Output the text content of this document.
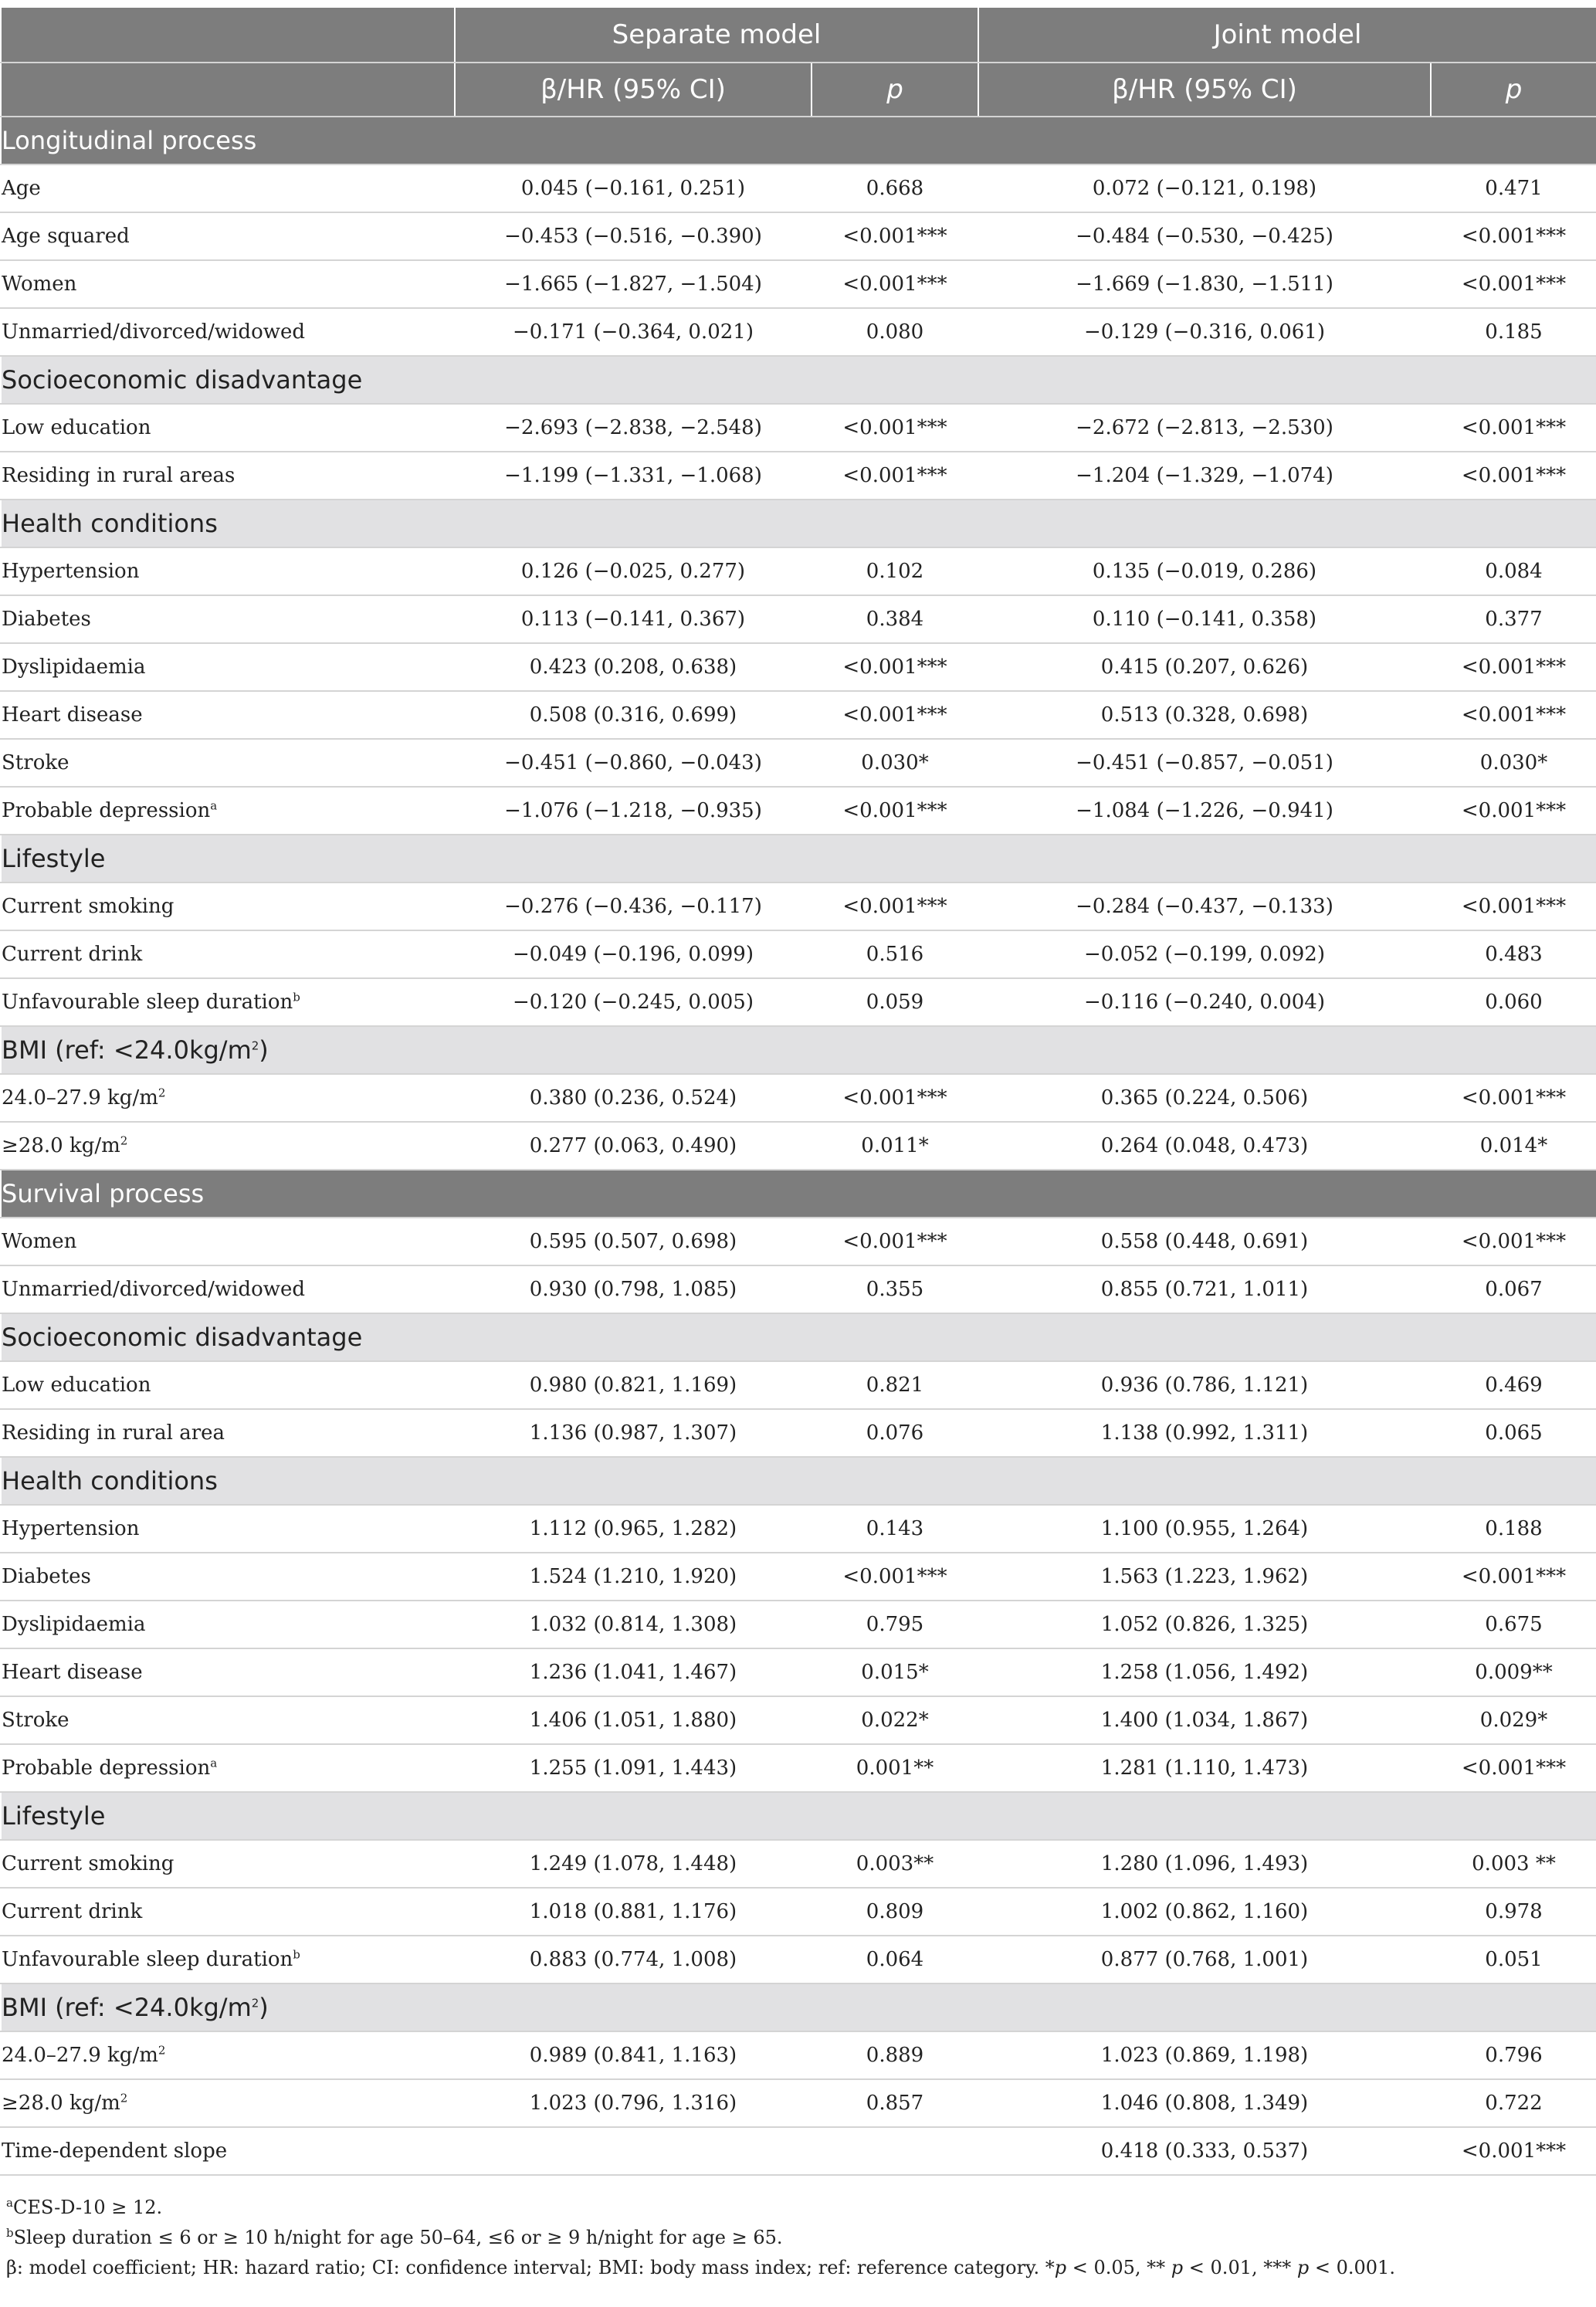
	Separate model		Joint model	
	β/HR (95% CI)	p	β/HR (95% CI)	p
Longitudinal process				
Age	0.045 (−0.161, 0.251)	0.668	0.072 (−0.121, 0.198)	0.471
Age squared	−0.453 (−0.516, −0.390)	<0.001***	−0.484 (−0.530, −0.425)	<0.001***
Women	−1.665 (−1.827, −1.504)	<0.001***	−1.669 (−1.830, −1.511)	<0.001***
Unmarried/divorced/widowed	−0.171 (−0.364, 0.021)	0.080	−0.129 (−0.316, 0.061)	0.185
Socioeconomic disadvantage				
Low education	−2.693 (−2.838, −2.548)	<0.001***	−2.672 (−2.813, −2.530)	<0.001***
Residing in rural areas	−1.199 (−1.331, −1.068)	<0.001***	−1.204 (−1.329, −1.074)	<0.001***
Health conditions				
Hypertension	0.126 (−0.025, 0.277)	0.102	0.135 (−0.019, 0.286)	0.084
Diabetes	0.113 (−0.141, 0.367)	0.384	0.110 (−0.141, 0.358)	0.377
Dyslipidaemia	0.423 (0.208, 0.638)	<0.001***	0.415 (0.207, 0.626)	<0.001***
Heart disease	0.508 (0.316, 0.699)	<0.001***	0.513 (0.328, 0.698)	<0.001***
Stroke	−0.451 (−0.860, −0.043)	0.030*	−0.451 (−0.857, −0.051)	0.030*
Probable depression$^a$	−1.076 (−1.218, −0.935)	<0.001***	−1.084 (−1.226, −0.941)	<0.001***
Lifestyle				
Current smoking	−0.276 (−0.436, −0.117)	<0.001***	−0.284 (−0.437, −0.133)	<0.001***
Current drink	−0.049 (−0.196, 0.099)	0.516	−0.052 (−0.199, 0.092)	0.483
Unfavourable sleep duration$^b$	−0.120 (−0.245, 0.005)	0.059	−0.116 (−0.240, 0.004)	0.060
BMI (ref: $<24.0kg/m^2$)				
24.0–27.9 $kg/m^2$	0.380 (0.236, 0.524)	<0.001***	0.365 (0.224, 0.506)	<0.001***
≥28.0 $kg/m^2$	0.277 (0.063, 0.490)	0.011*	0.264 (0.048, 0.473)	0.014*
Survival process				
Women	0.595 (0.507, 0.698)	<0.001***	0.558 (0.448, 0.691)	<0.001***
Unmarried/divorced/widowed	0.930 (0.798, 1.085)	0.355	0.855 (0.721, 1.011)	0.067
Socioeconomic disadvantage				
Low education	0.980 (0.821, 1.169)	0.821	0.936 (0.786, 1.121)	0.469
Residing in rural area	1.136 (0.987, 1.307)	0.076	1.138 (0.992, 1.311)	0.065
Health conditions				
Hypertension	1.112 (0.965, 1.282)	0.143	1.100 (0.955, 1.264)	0.188
Diabetes	1.524 (1.210, 1.920)	<0.001***	1.563 (1.223, 1.962)	<0.001***
Dyslipidaemia	1.032 (0.814, 1.308)	0.795	1.052 (0.826, 1.325)	0.675
Heart disease	1.236 (1.041, 1.467)	0.015*	1.258 (1.056, 1.492)	0.009**
Stroke	1.406 (1.051, 1.880)	0.022*	1.400 (1.034, 1.867)	0.029*
Probable depression$^a$	1.255 (1.091, 1.443)	0.001**	1.281 (1.110, 1.473)	<0.001***
Lifestyle				
Current smoking	1.249 (1.078, 1.448)	0.003**	1.280 (1.096, 1.493)	0.003 **
Current drink	1.018 (0.881, 1.176)	0.809	1.002 (0.862, 1.160)	0.978
Unfavourable sleep duration$^b$	0.883 (0.774, 1.008)	0.064	0.877 (0.768, 1.001)	0.051
BMI (ref: $<24.0kg/m^2$)				
24.0–27.9 $kg/m^2$	0.989 (0.841, 1.163)	0.889	1.023 (0.869, 1.198)	0.796
≥28.0 $kg/m^2$	1.023 (0.796, 1.316)	0.857	1.046 (0.808, 1.349)	0.722
Time-dependent slope			0.418 (0.333, 0.537)	<0.001***
$^a$CES-D-10 ≥ 12.
$^b$Sleep duration ≤ 6 or ≥ 10 h/night for age 50–64, ≤6 or ≥ 9 h/night for age ≥ 65.
β: model coefficient; HR: hazard ratio; CI: confidence interval; BMI: body mass index; ref: reference category. *p < 0.05, ** p < 0.01, *** p < 0.001.
